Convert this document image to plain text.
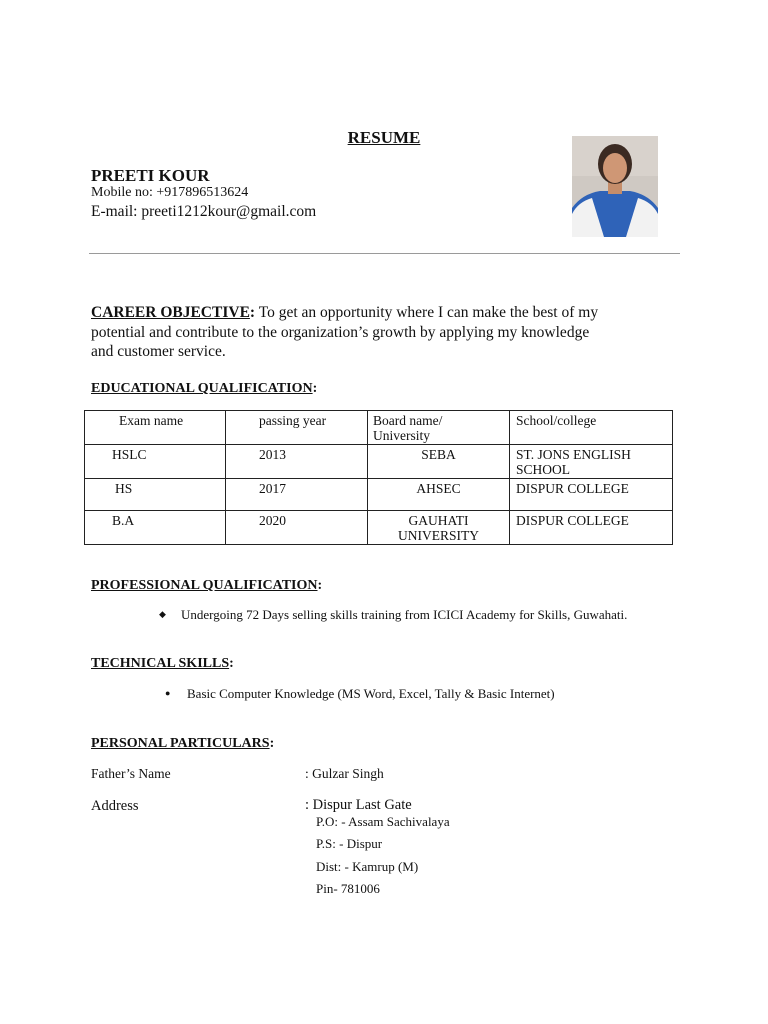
RESUME
PREETI KOUR
Mobile no: +917896513624
E-mail: preeti1212kour@gmail.com
CAREER OBJECTIVE: To get an opportunity where I can make the best of my
potential and contribute to the organization’s growth by applying my knowledge
and customer service.
EDUCATIONAL QUALIFICATION:
Exam name	passing year	Board name/
University	School/college
HSLC	2013	SEBA	ST. JONS ENGLISH
SCHOOL

HS	2017	AHSEC	DISPUR COLLEGE
B.A	2020	GAUHATI
UNIVERSITY	DISPUR COLLEGE
PROFESSIONAL QUALIFICATION:
◆ Undergoing 72 Days selling skills training from ICICI Academy for Skills, Guwahati.
TECHNICAL SKILLS:
● Basic Computer Knowledge (MS Word, Excel, Tally & Basic Internet)
PERSONAL PARTICULARS:
Father’s Name	: Gulzar Singh
Address	: Dispur Last Gate
P.O: - Assam Sachivalaya
P.S: - Dispur
Dist: - Kamrup (M)
Pin- 781006
